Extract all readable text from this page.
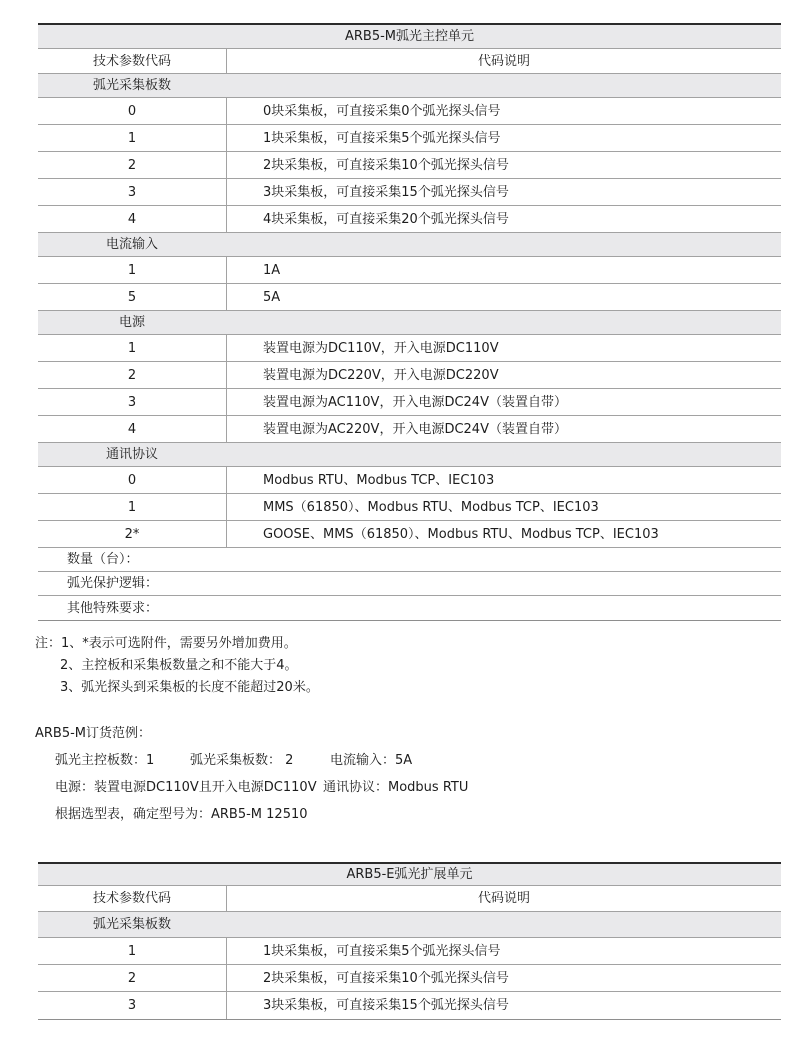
ARB5-M弧光主控单元
技术参数代码	代码说明
弧光采集板数
0	0块采集板，可直接采集0个弧光探头信号
1	1块采集板，可直接采集5个弧光探头信号
2	2块采集板，可直接采集10个弧光探头信号
3	3块采集板，可直接采集15个弧光探头信号
4	4块采集板，可直接采集20个弧光探头信号
电流输入
1	1A
5	5A
电源
1	装置电源为DC110V，开入电源DC110V
2	装置电源为DC220V，开入电源DC220V
3	装置电源为AC110V，开入电源DC24V（装置自带）
4	装置电源为AC220V，开入电源DC24V（装置自带）
通讯协议
0	Modbus RTU、Modbus TCP、IEC103
1	MMS（61850）、Modbus RTU、Modbus TCP、IEC103
2*	GOOSE、MMS（61850）、Modbus RTU、Modbus TCP、IEC103
数量（台）：
弧光保护逻辑：
其他特殊要求：

注：1、*表示可选附件，需要另外增加费用。

2、主控板和采集板数量之和不能大于4。

3、弧光探头到采集板的长度不能超过20米。

ARB5-M订货范例：

弧光主控板数：1	弧光采集板数： 2	电流输入：5A

电源：装置电源DC110V且开入电源DC110V 通讯协议：Modbus RTU

根据选型表，确定型号为：ARB5-M 12510

ARB5-E弧光扩展单元
技术参数代码	代码说明
弧光采集板数
1	1块采集板，可直接采集5个弧光探头信号
2	2块采集板，可直接采集10个弧光探头信号
3	3块采集板，可直接采集15个弧光探头信号
